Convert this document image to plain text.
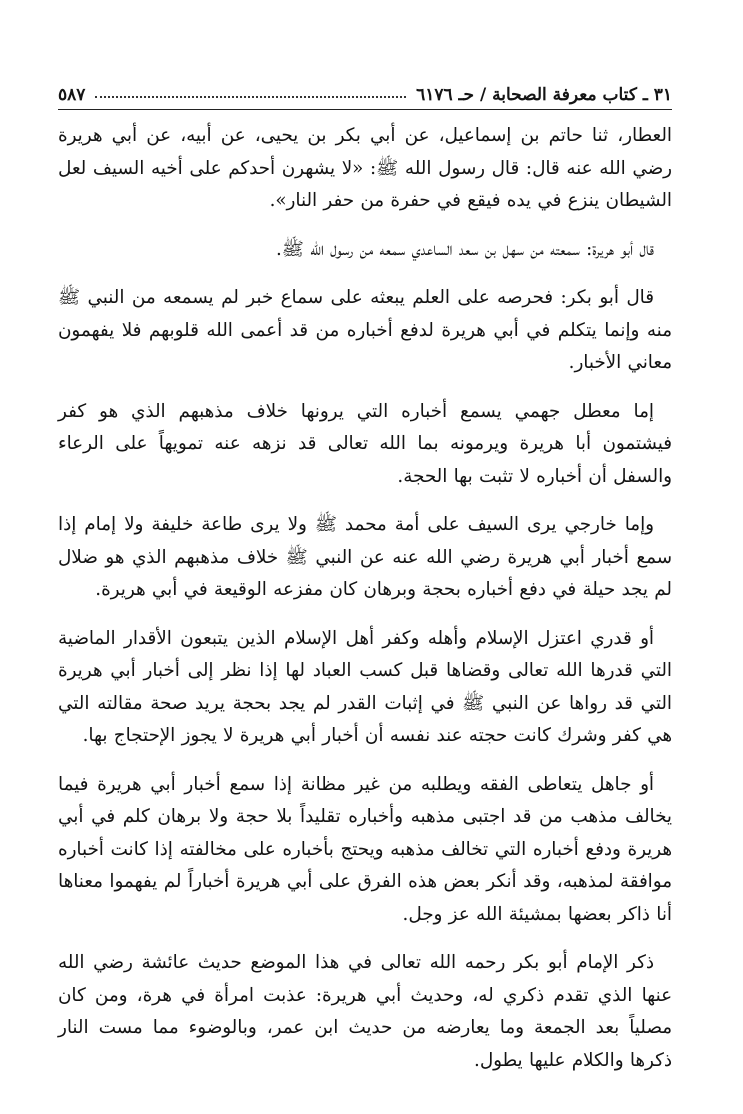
٣١ ـ كتاب معرفة الصحابة / حـ ٦١٧٦
٥٨٧

العطار، ثنا حاتم بن إسماعيل، عن أبي بكر بن يحيى، عن أبيه، عن أبي هريرة رضي الله عنه قال: قال رسول الله ﷺ: «لا يشهرن أحدكم على أخيه السيف لعل الشيطان ينزع في يده فيقع في حفرة من حفر النار».

قال أبو هريرة: سمعته من سهل بن سعد الساعدي سمعه من رسول الله ﷺ.

قال أبو بكر: فحرصه على العلم يبعثه على سماع خبر لم يسمعه من النبي ﷺ منه وإنما يتكلم في أبي هريرة لدفع أخباره من قد أعمى الله قلوبهم فلا يفهمون معاني الأخبار.

إما معطل جهمي يسمع أخباره التي يرونها خلاف مذهبهم الذي هو كفر فيشتمون أبا هريرة ويرمونه بما الله تعالى قد نزهه عنه تمويهاً على الرعاء والسفل أن أخباره لا تثبت بها الحجة.

وإما خارجي يرى السيف على أمة محمد ﷺ ولا يرى طاعة خليفة ولا إمام إذا سمع أخبار أبي هريرة رضي الله عنه عن النبي ﷺ خلاف مذهبهم الذي هو ضلال لم يجد حيلة في دفع أخباره بحجة وبرهان كان مفزعه الوقيعة في أبي هريرة.

أو قدري اعتزل الإسلام وأهله وكفر أهل الإسلام الذين يتبعون الأقدار الماضية التي قدرها الله تعالى وقضاها قبل كسب العباد لها إذا نظر إلى أخبار أبي هريرة التي قد رواها عن النبي ﷺ في إثبات القدر لم يجد بحجة يريد صحة مقالته التي هي كفر وشرك كانت حجته عند نفسه أن أخبار أبي هريرة لا يجوز الإحتجاج بها.

أو جاهل يتعاطى الفقه ويطلبه من غير مظانة إذا سمع أخبار أبي هريرة فيما يخالف مذهب من قد اجتبى مذهبه وأخباره تقليداً بلا حجة ولا برهان كلم في أبي هريرة ودفع أخباره التي تخالف مذهبه ويحتج بأخباره على مخالفته إذا كانت أخباره موافقة لمذهبه، وقد أنكر بعض هذه الفرق على أبي هريرة أخباراً لم يفهموا معناها أنا ذاكر بعضها بمشيئة الله عز وجل.

ذكر الإمام أبو بكر رحمه الله تعالى في هذا الموضع حديث عائشة رضي الله عنها الذي تقدم ذكري له، وحديث أبي هريرة: عذبت امرأة في هرة، ومن كان مصلياً بعد الجمعة وما يعارضه من حديث ابن عمر، وبالوضوء مما مست النار ذكرها والكلام عليها يطول.
